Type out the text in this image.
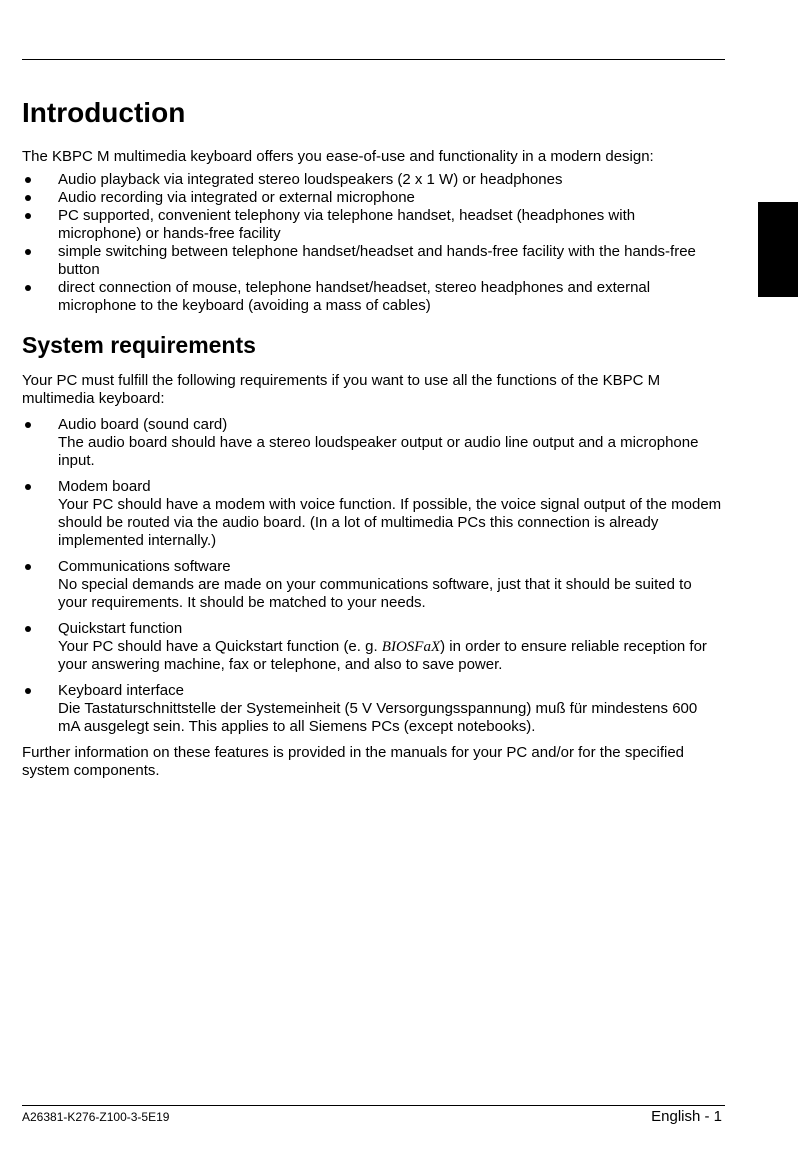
Introduction

The KBPC M multimedia keyboard offers you ease-of-use and functionality in a modern design:

Audio playback via integrated stereo loudspeakers (2 x 1 W) or headphones
Audio recording via integrated or external microphone
PC supported, convenient telephony via telephone handset, headset (headphones with microphone) or hands-free facility
simple switching between telephone handset/headset and hands-free facility with the hands-free button
direct connection of mouse, telephone handset/headset, stereo headphones and external microphone to the keyboard (avoiding a mass of cables)
System requirements

Your PC must fulfill the following requirements if you want to use all the functions of the KBPC M multimedia keyboard:

Audio board (sound card)
The audio board should have a stereo loudspeaker output or audio line output and a microphone input.
Modem board
Your PC should have a modem with voice function. If possible, the voice signal output of the modem should be routed via the audio board. (In a lot of multimedia PCs this connection is already implemented internally.)
Communications software
No special demands are made on your communications software, just that it should be suited to your requirements. It should be matched to your needs.
Quickstart function
Your PC should have a Quickstart function (e. g. BIOSFaX) in order to ensure reliable reception for your answering machine, fax or telephone, and also to save power.
Keyboard interface
Die Tastaturschnittstelle der Systemeinheit (5 V Versorgungsspannung) muß für mindestens 600 mA ausgelegt sein. This applies to all Siemens PCs (except notebooks).

Further information on these features is provided in the manuals for your PC and/or for the specified system components.

A26381-K276-Z100-3-5E19	English - 1
